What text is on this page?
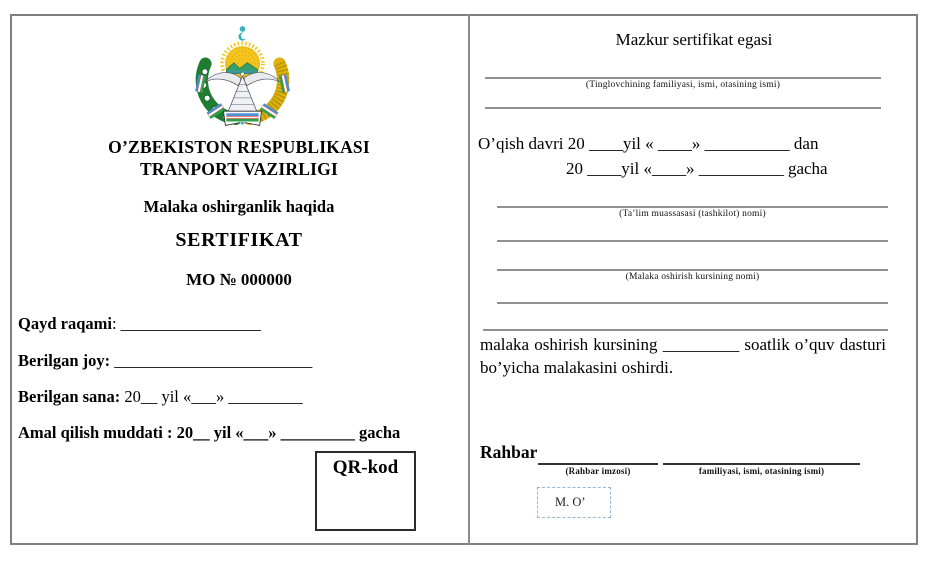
O’ZBEKISTON RESPUBLIKASI
TRANPORT VAZIRLIGI
Malaka oshirganlik haqida
SERTIFIKAT
MO № 000000
Qayd raqami: _________________
Berilgan joy: ________________________
Berilgan sana: 20__ yil «___» _________
Amal qilish muddati : 20__ yil «___» _________ gacha
QR-kod
Mazkur sertifikat egasi
(Tinglovchining familiyasi, ismi, otasining ismi)
O’qish davri 20 ____yil « ____» __________ dan
20 ____yil «____» __________ gacha
(Ta’lim muassasasi (tashkilot) nomi)
(Malaka oshirish kursining nomi)
malaka oshirish kursining _________ soatlik o’quv dasturi bo’yicha malakasini oshirdi.
Rahbar
(Rahbar imzosi)	familiyasi, ismi, otasining ismi)
M. O’
